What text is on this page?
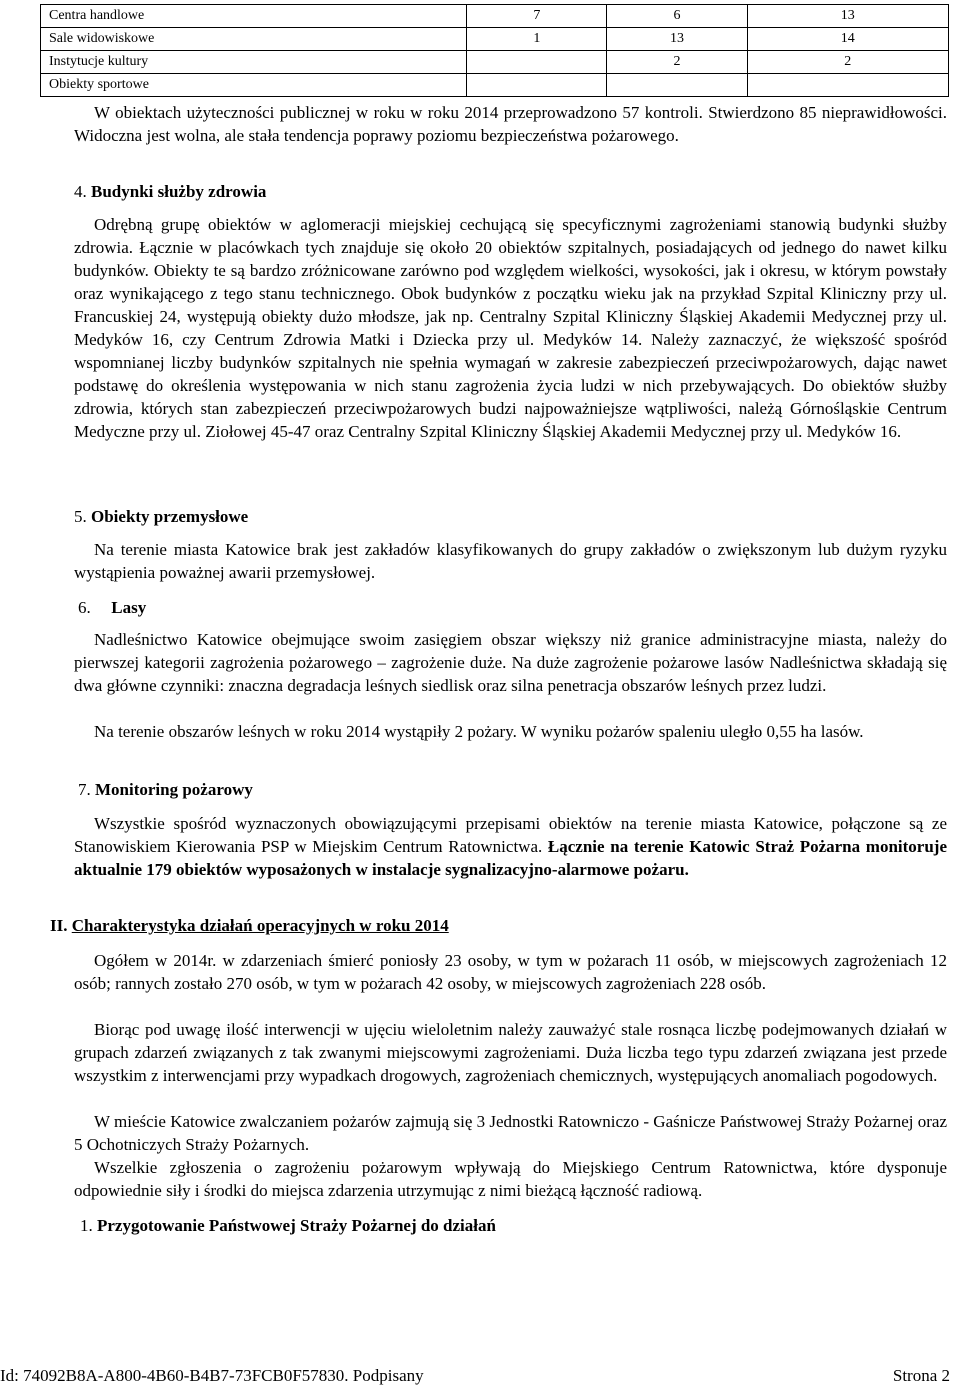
Centra handlowe	7	6	13
Sale widowiskowe	1	13	14
Instytucje kultury		2	2
Obiekty sportowe			

W obiektach użyteczności publicznej w roku w roku 2014 przeprowadzono 57 kontroli. Stwierdzono 85 nieprawidłowości. Widoczna jest wolna, ale stała tendencja poprawy poziomu bezpieczeństwa pożarowego.

4. Budynki służby zdrowia

Odrębną grupę obiektów w aglomeracji miejskiej cechującą się specyficznymi zagrożeniami stanowią budynki służby zdrowia. Łącznie w placówkach tych znajduje się około 20 obiektów szpitalnych, posiadających od jednego do nawet kilku budynków. Obiekty te są bardzo zróżnicowane zarówno pod względem wielkości, wysokości, jak i okresu, w którym powstały oraz wynikającego z tego stanu technicznego. Obok budynków z początku wieku jak na przykład Szpital Kliniczny przy ul. Francuskiej 24, występują obiekty dużo młodsze, jak np. Centralny Szpital Kliniczny Śląskiej Akademii Medycznej przy ul. Medyków 16, czy Centrum Zdrowia Matki i Dziecka przy ul. Medyków 14. Należy zaznaczyć, że większość spośród wspomnianej liczby budynków szpitalnych nie spełnia wymagań w zakresie zabezpieczeń przeciwpożarowych, dając nawet podstawę do określenia występowania w nich stanu zagrożenia życia ludzi w nich przebywających. Do obiektów służby zdrowia, których stan zabezpieczeń przeciwpożarowych budzi najpoważniejsze wątpliwości, należą Górnośląskie Centrum Medyczne przy ul. Ziołowej 45-47 oraz Centralny Szpital Kliniczny Śląskiej Akademii Medycznej przy ul. Medyków 16.

5. Obiekty przemysłowe

Na terenie miasta Katowice brak jest zakładów klasyfikowanych do grupy zakładów o zwiększonym lub dużym ryzyku wystąpienia poważnej awarii przemysłowej.

6. Lasy

Nadleśnictwo Katowice obejmujące swoim zasięgiem obszar większy niż granice administracyjne miasta, należy do pierwszej kategorii zagrożenia pożarowego – zagrożenie duże. Na duże zagrożenie pożarowe lasów Nadleśnictwa składają się dwa główne czynniki: znaczna degradacja leśnych siedlisk oraz silna penetracja obszarów leśnych przez ludzi.

Na terenie obszarów leśnych w roku 2014 wystąpiły 2 pożary. W wyniku pożarów spaleniu uległo 0,55 ha lasów.

7. Monitoring pożarowy

Wszystkie spośród wyznaczonych obowiązującymi przepisami obiektów na terenie miasta Katowice, połączone są ze Stanowiskiem Kierowania PSP w Miejskim Centrum Ratownictwa. Łącznie na terenie Katowic Straż Pożarna monitoruje aktualnie 179 obiektów wyposażonych w instalacje sygnalizacyjno-alarmowe pożaru.

II. Charakterystyka działań operacyjnych w roku 2014

Ogółem w 2014r. w zdarzeniach śmierć poniosły 23 osoby, w tym w pożarach 11 osób, w miejscowych zagrożeniach 12 osób; rannych zostało 270 osób, w tym w pożarach 42 osoby, w miejscowych zagrożeniach 228 osób.

Biorąc pod uwagę ilość interwencji w ujęciu wieloletnim należy zauważyć stale rosnąca liczbę podejmowanych działań w grupach zdarzeń związanych z tak zwanymi miejscowymi zagrożeniami. Duża liczba tego typu zdarzeń związana jest przede wszystkim z interwencjami przy wypadkach drogowych, zagrożeniach chemicznych, występujących anomaliach pogodowych.

W mieście Katowice zwalczaniem pożarów zajmują się 3 Jednostki Ratowniczo - Gaśnicze Państwowej Straży Pożarnej oraz 5 Ochotniczych Straży Pożarnych.

Wszelkie zgłoszenia o zagrożeniu pożarowym wpływają do Miejskiego Centrum Ratownictwa, które dysponuje odpowiednie siły i środki do miejsca zdarzenia utrzymując z nimi bieżącą łączność radiową.

1. Przygotowanie Państwowej Straży Pożarnej do działań
Id: 74092B8A-A800-4B60-B4B7-73FCB0F57830. Podpisany	Strona 2
